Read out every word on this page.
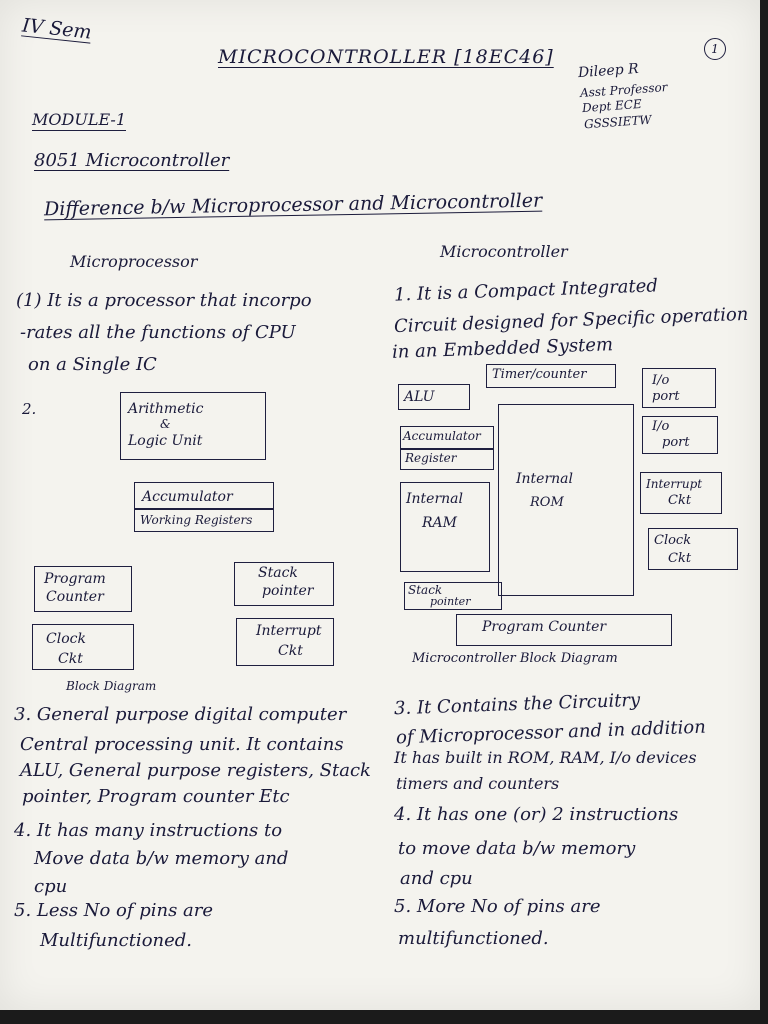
IV Sem
MICROCONTROLLER [18EC46]	1
Dileep R
Asst Professor
Dept ECE
GSSSIETW
MODULE-1
8051 Microcontroller
Difference b/w Microprocessor and Microcontroller
Microprocessor
Microcontroller
(1) It is a processor that incorpo
-rates all the functions of CPU
on a Single IC
1. It is a Compact Integrated
Circuit designed for Specific operation
in an Embedded System
2.	Arithmetic
&
Logic Unit
Accumulator
Working Registers
Program
Counter
Stack
pointer
Clock
Ckt
Interrupt
Ckt
Block Diagram
ALU
Timer/counter	I/o
port
I/o
port
Accumulator
Register
Internal
ROM
Internal
RAM
Interrupt
Ckt
Clock
Ckt
Stack
pointer
Program Counter
Microcontroller Block Diagram
3. General purpose digital computer
Central processing unit. It contains
ALU, General purpose registers, Stack
pointer, Program counter Etc
4. It has many instructions to
Move data b/w memory and
cpu
5. Less No of pins are
Multifunctioned.
3. It Contains the Circuitry
of Microprocessor and in addition
It has built in ROM, RAM, I/o devices
timers and counters
4. It has one (or) 2 instructions
to move data b/w memory
and cpu
5. More No of pins are
multifunctioned.
